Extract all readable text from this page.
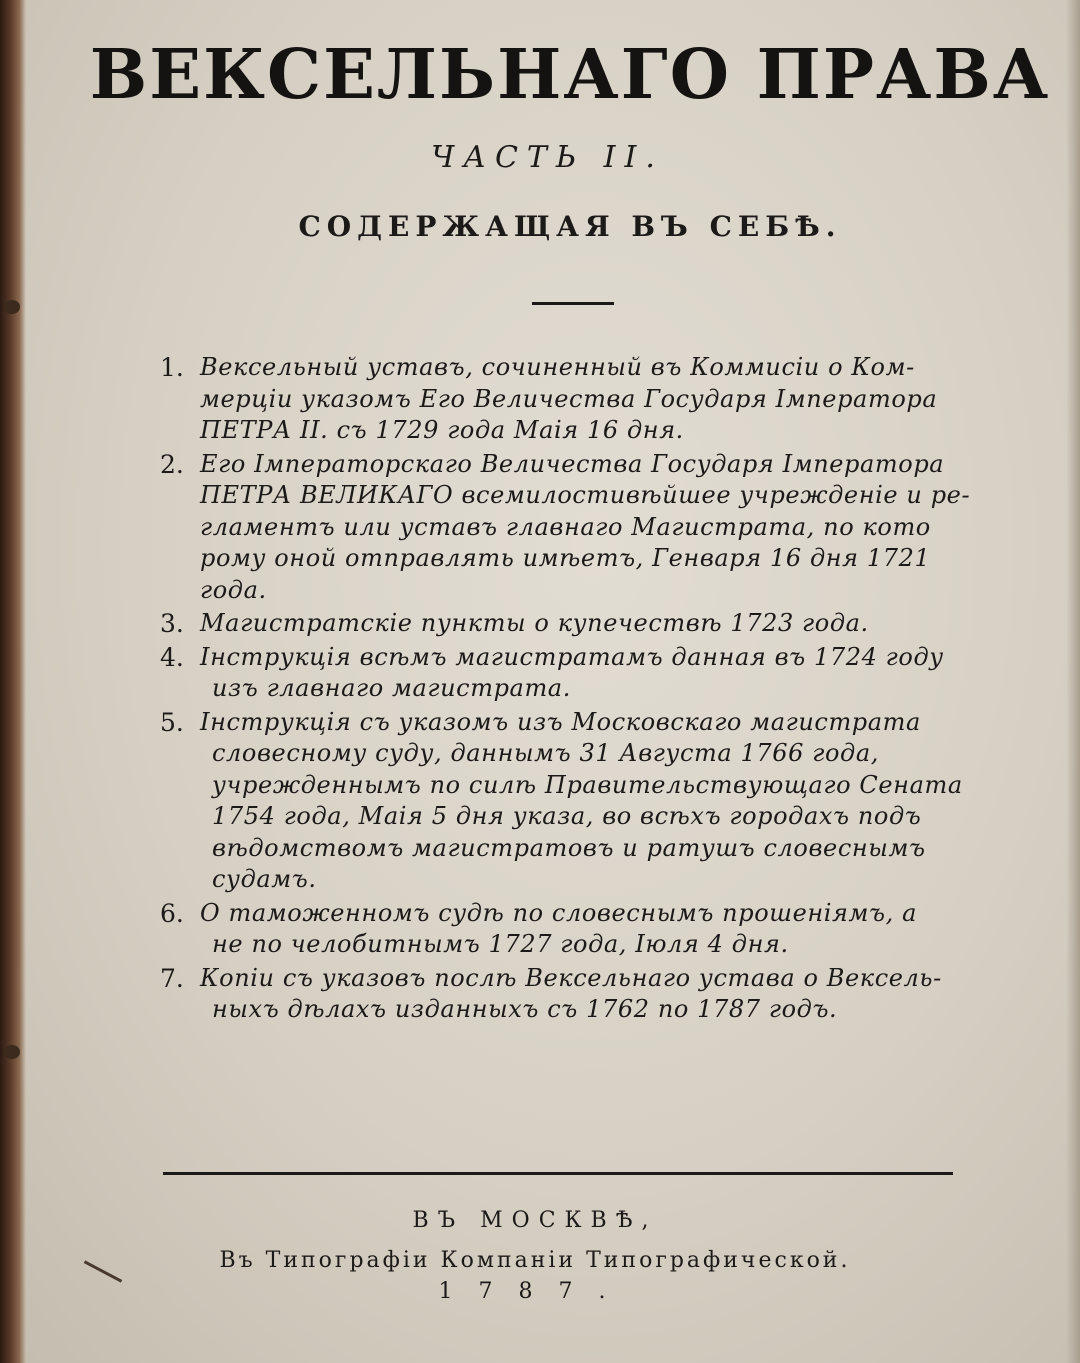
ВЕКСЕЛЬНАГО ПРАВА
ЧАСТЬ II.
СОДЕРЖАЩАЯ ВЪ СЕБѢ.
1. Вексельный уставъ, сочиненный въ Коммисіи о Ком-
мерціи указомъ Его Величества Государя Імператора
ПЕТРА II. съ 1729 года Маія 16 дня.
2. Его Імператорскаго Величества Государя Імператора
ПЕТРА ВЕЛИКАГО всемилостивѣйшее учрежденіе и ре-
гламентъ или уставъ главнаго Магистрата, по кото
рому оной отправлять имѣетъ, Генваря 16 дня 1721
года.
3. Магистратскіе пункты о купечествѣ 1723 года.
4. Інструкція всѣмъ магистратамъ данная въ 1724 году
изъ главнаго магистрата.
5. Інструкція съ указомъ изъ Московскаго магистрата
словесному суду, даннымъ 31 Августа 1766 года,
учрежденнымъ по силѣ Правительствующаго Сената
1754 года, Маія 5 дня указа, во всѣхъ городахъ подъ
вѣдомствомъ магистратовъ и ратушъ словеснымъ
судамъ.
6. О таможенномъ судѣ по словеснымъ прошеніямъ, а
не по челобитнымъ 1727 года, Іюля 4 дня.
7. Копіи съ указовъ послѣ Вексельнаго устава о Вексель-
ныхъ дѣлахъ изданныхъ съ 1762 по 1787 годъ.
ВЪ МОСКВѢ,
Въ Типографіи Компаніи Типографической.
1787.
